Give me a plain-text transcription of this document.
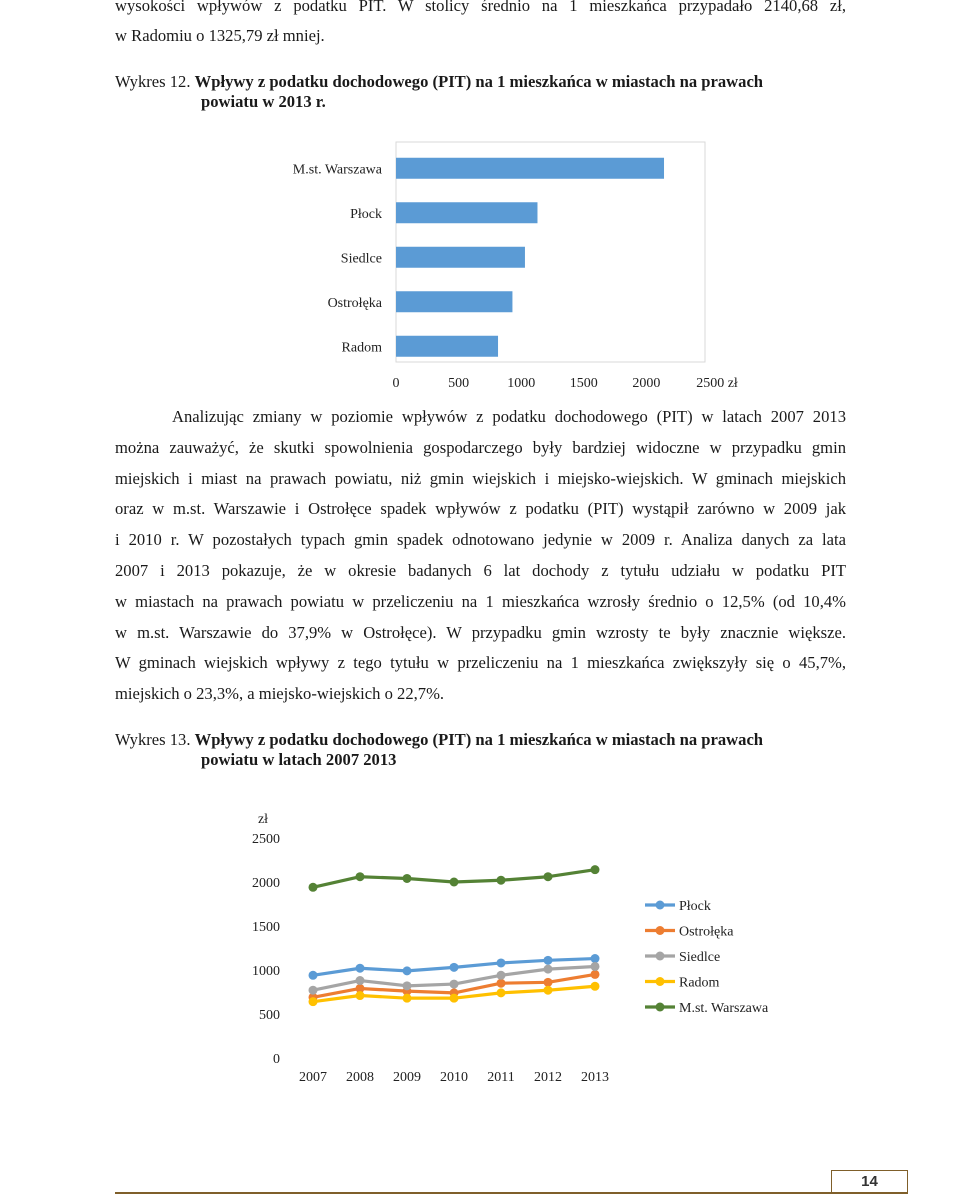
wysokości wpływów z podatku PIT. W stolicy średnio na 1 mieszkańca przypadało 2140,68 zł,
w Radomiu o 1325,79 zł mniej.
Wykres 12. Wpływy z podatku dochodowego (PIT) na 1 mieszkańca w miastach na prawach
powiatu w 2013 r.
M.st. Warszawa
Płock
Siedlce
Ostrołęka
Radom
0	500	1000 1500 2000	2500 zł
Analizując zmiany w poziomie wpływów z podatku dochodowego (PIT) w latach 2007 2013
można zauważyć, że skutki spowolnienia gospodarczego były bardziej widoczne w przypadku gmin
miejskich i miast na prawach powiatu, niż gmin wiejskich i miejsko-wiejskich. W gminach miejskich
oraz w m.st. Warszawie i Ostrołęce spadek wpływów z podatku (PIT) wystąpił zarówno w 2009 jak
i 2010 r. W pozostałych typach gmin spadek odnotowano jedynie w 2009 r. Analiza danych za lata
2007 i 2013 pokazuje, że w okresie badanych 6 lat dochody z tytułu udziału w podatku PIT
w miastach na prawach powiatu w przeliczeniu na 1 mieszkańca wzrosły średnio o 12,5% (od 10,4%
w m.st. Warszawie do 37,9% w Ostrołęce). W przypadku gmin wzrosty te były znacznie większe.
W gminach wiejskich wpływy z tego tytułu w przeliczeniu na 1 mieszkańca zwiększyły się o 45,7%,
miejskich o 23,3%, a miejsko-wiejskich o 22,7%.
Wykres 13. Wpływy z podatku dochodowego (PIT) na 1 mieszkańca w miastach na prawach
powiatu w latach 2007 2013
zł
0
500
1000
1500
2000
2500
2007 2008 2009 2010 2011 2012 2013
Płock
Ostrołęka
Siedlce
Radom
M.st. Warszawa
14
